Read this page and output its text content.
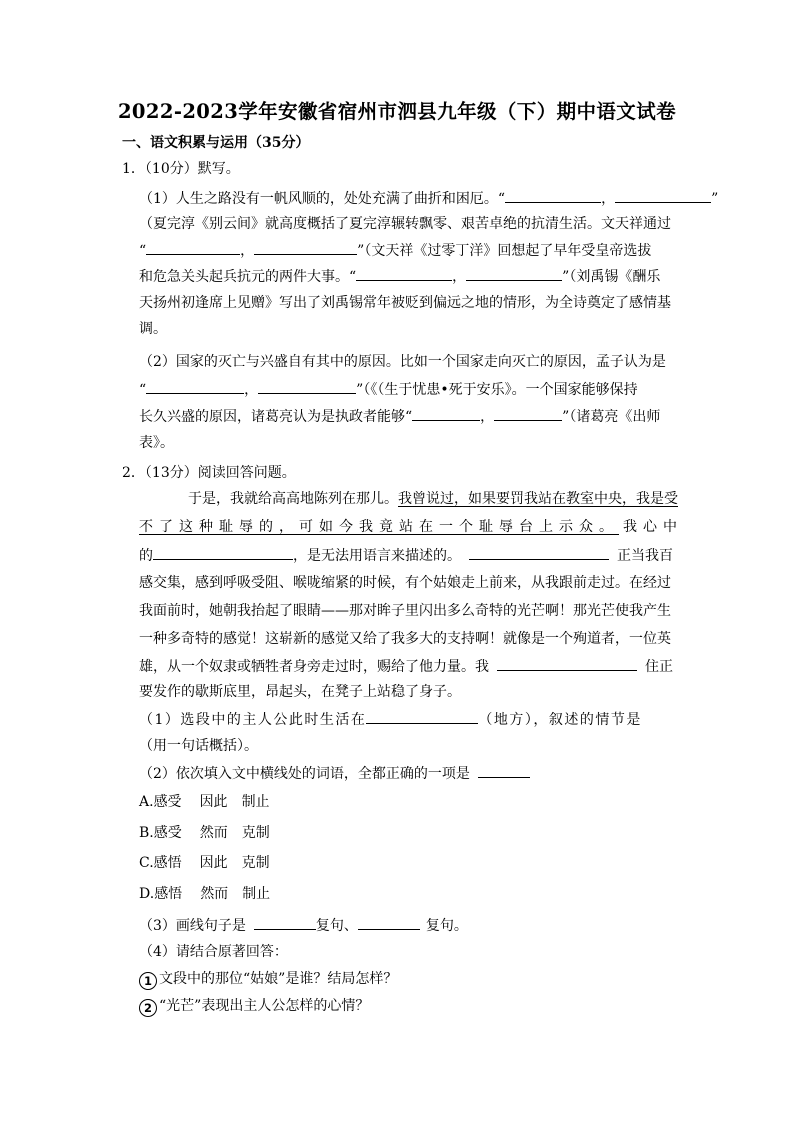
2022-2023学年安徽省宿州市泗县九年级（下）期中语文试卷
一、语文积累与运用（35分）
1．（10分）默写。
（1）人生之路没有一帆风顺的，处处充满了曲折和困厄。“	，	”
（夏完淳《别云间》就高度概括了夏完淳辗转飘零、艰苦卓绝的抗清生活。文天祥通过
“	，	”（文天祥《过零丁洋》回想起了早年受皇帝选拔
和危急关头起兵抗元的两件大事。“	，	”（刘禹锡《酬乐
天扬州初逢席上见赠》写出了刘禹锡常年被贬到偏远之地的情形，为全诗奠定了感情基
调。
（2）国家的灭亡与兴盛自有其中的原因。比如一个国家走向灭亡的原因，孟子认为是
“	，	”（《（生于忧患•死于安乐》。一个国家能够保持
长久兴盛的原因，诸葛亮认为是执政者能够“	，	”（诸葛亮《出师
表》。
2．（13分）阅读回答问题。
于是，我就给高高地陈列在那儿。我曾说过，如果要罚我站在教室中央，我是受
不了这种耻辱的，可如今我竟站在一个耻辱台上示众。 我心中
的	，是无法用语言来描述的。	正当我百
感交集，感到呼吸受阻、喉咙缩紧的时候，有个姑娘走上前来，从我跟前走过。在经过
我面前时，她朝我抬起了眼睛——那对眸子里闪出多么奇特的光芒啊！那光芒使我产生
一种多奇特的感觉！这崭新的感觉又给了我多大的支持啊！就像是一个殉道者，一位英
雄，从一个奴隶或牺牲者身旁走过时，赐给了他力量。我	住正
要发作的歇斯底里，昂起头，在凳子上站稳了身子。
（1）选段中的主人公此时生活在	（地方），叙述的情节是
（用一句话概括）。
（2）依次填入文中横线处的词语，全都正确的一项是
A.感受 因此 制止
B.感受 然而 克制
C.感悟 因此 克制
D.感悟 然而 制止
（3）画线句子是	复句、	复句。
（4）请结合原著回答：
1 文段中的那位“姑娘”是谁？结局怎样？
2 “光芒”表现出主人公怎样的心情？
